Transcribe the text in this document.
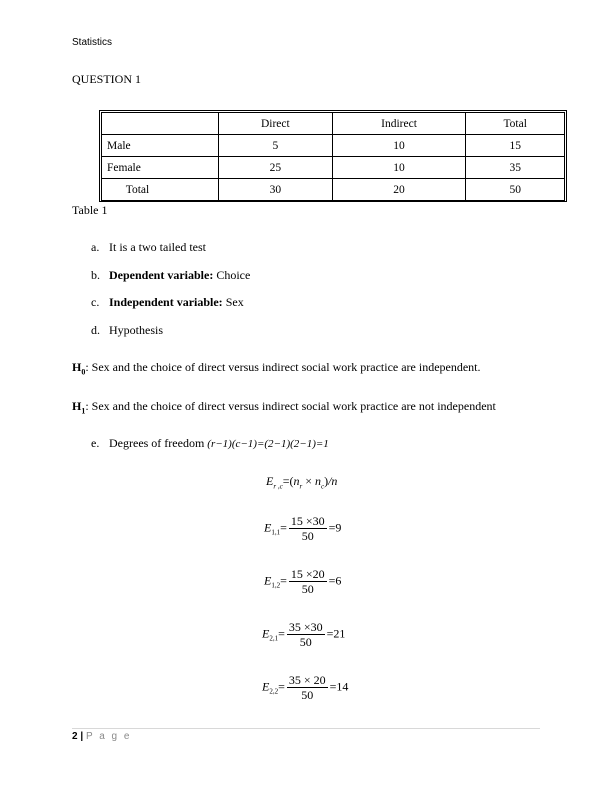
Statistics
QUESTION 1
	Direct	Indirect	Total
Male	5	10	15
Female	25	10	35
Total	30	20	50
Table 1
a. It is a two tailed test
b. Dependent variable: Choice
c. Independent variable: Sex
d. Hypothesis
$H_0$: Sex and the choice of direct versus indirect social work practice are independent.
$H_1$: Sex and the choice of direct versus indirect social work practice are not independent
e. Degrees of freedom (r−1)(c−1)=(2−1)(2−1)=1
$E_{r ,c}=(n_r \times n_c)/n$
$E_{1,1}= \frac{15 \times 30}{50} =9$
$E_{1,2}= \frac{15 \times 20}{50} =6$
$E_{2,1}= \frac{35 \times 30}{50} =21$
$E_{2,2}= \frac{35 \times 20}{50} =14$
2 | P a g e
